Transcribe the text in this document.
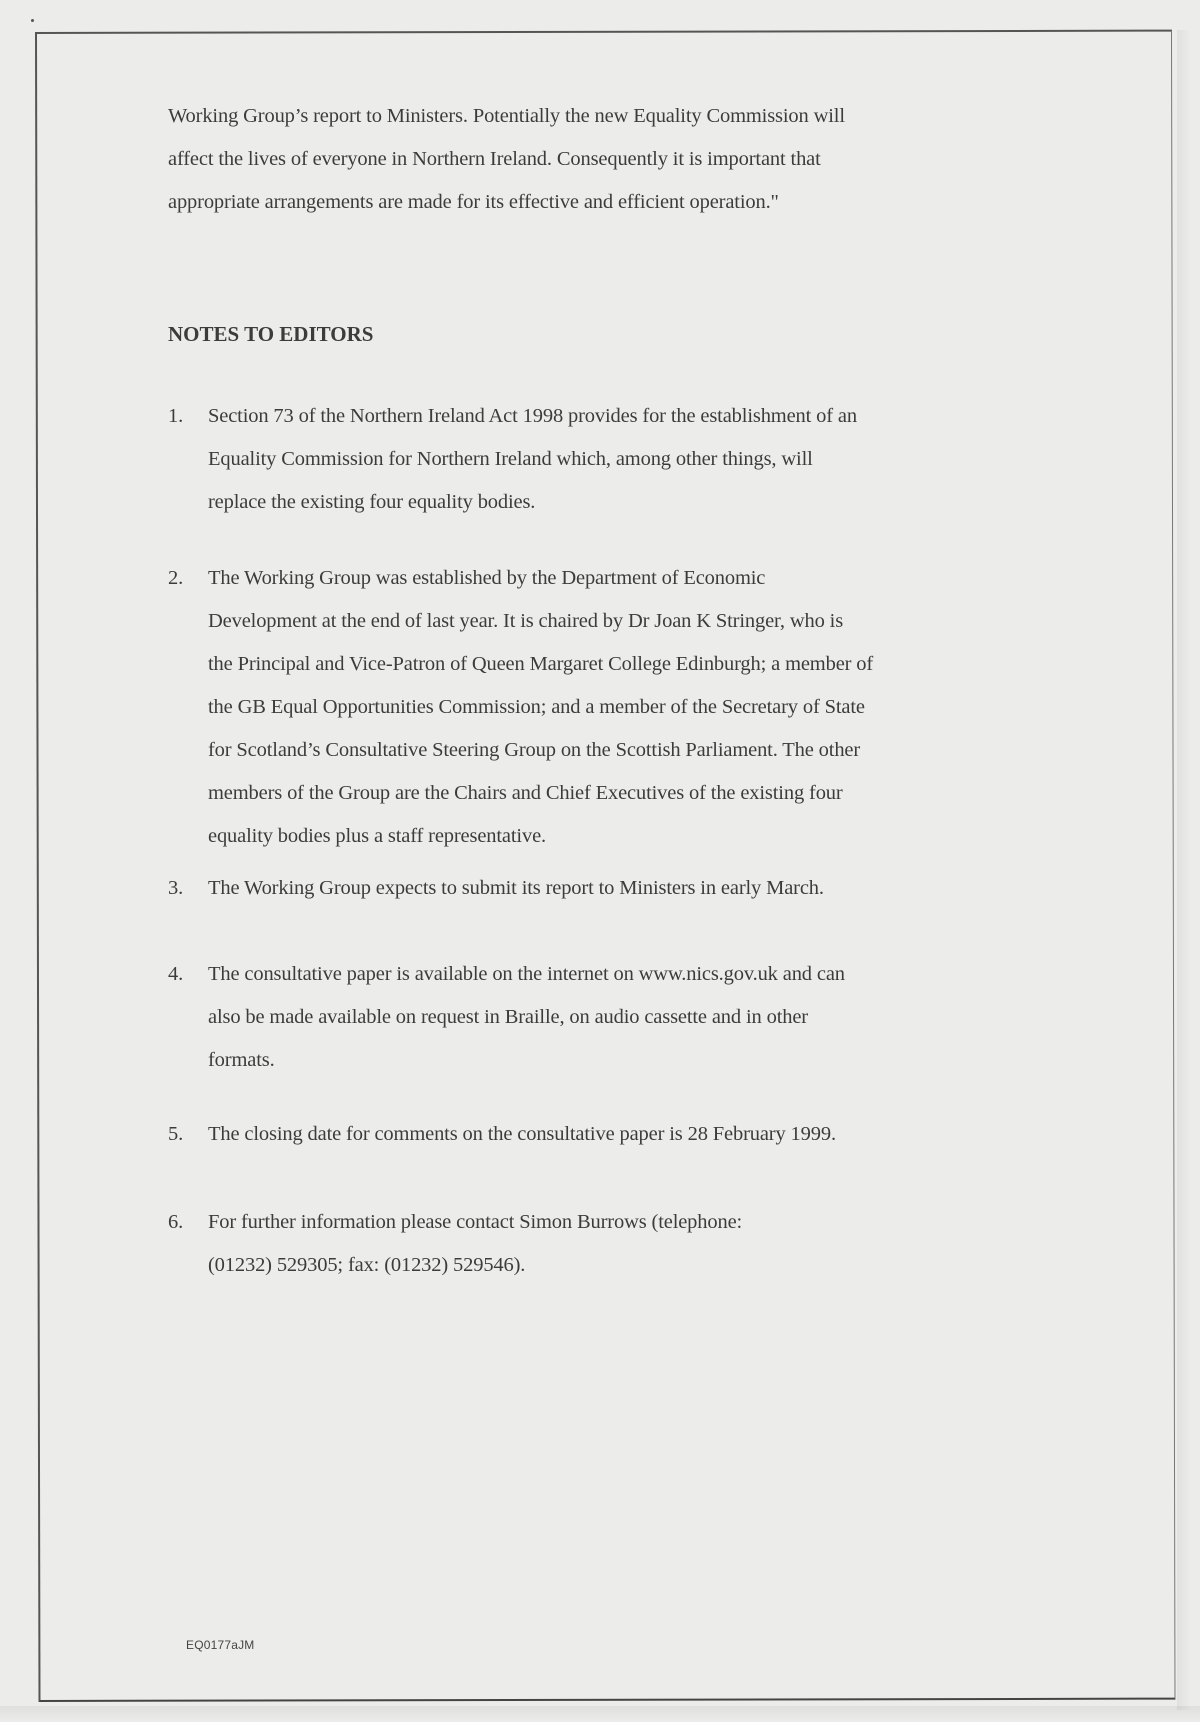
Working Group’s report to Ministers. Potentially the new Equality Commission will
affect the lives of everyone in Northern Ireland. Consequently it is important that
appropriate arrangements are made for its effective and efficient operation."

NOTES TO EDITORS
1.	Section 73 of the Northern Ireland Act 1998 provides for the establishment of an
Equality Commission for Northern Ireland which, among other things, will
replace the existing four equality bodies.
2.	The Working Group was established by the Department of Economic
Development at the end of last year. It is chaired by Dr Joan K Stringer, who is
the Principal and Vice-Patron of Queen Margaret College Edinburgh; a member of
the GB Equal Opportunities Commission; and a member of the Secretary of State
for Scotland’s Consultative Steering Group on the Scottish Parliament. The other
members of the Group are the Chairs and Chief Executives of the existing four
equality bodies plus a staff representative.
3.	The Working Group expects to submit its report to Ministers in early March.
4.	The consultative paper is available on the internet on www.nics.gov.uk and can
also be made available on request in Braille, on audio cassette and in other
formats.
5.	The closing date for comments on the consultative paper is 28 February 1999.
6.	For further information please contact Simon Burrows (telephone:
(01232) 529305; fax: (01232) 529546).
EQ0177aJM
